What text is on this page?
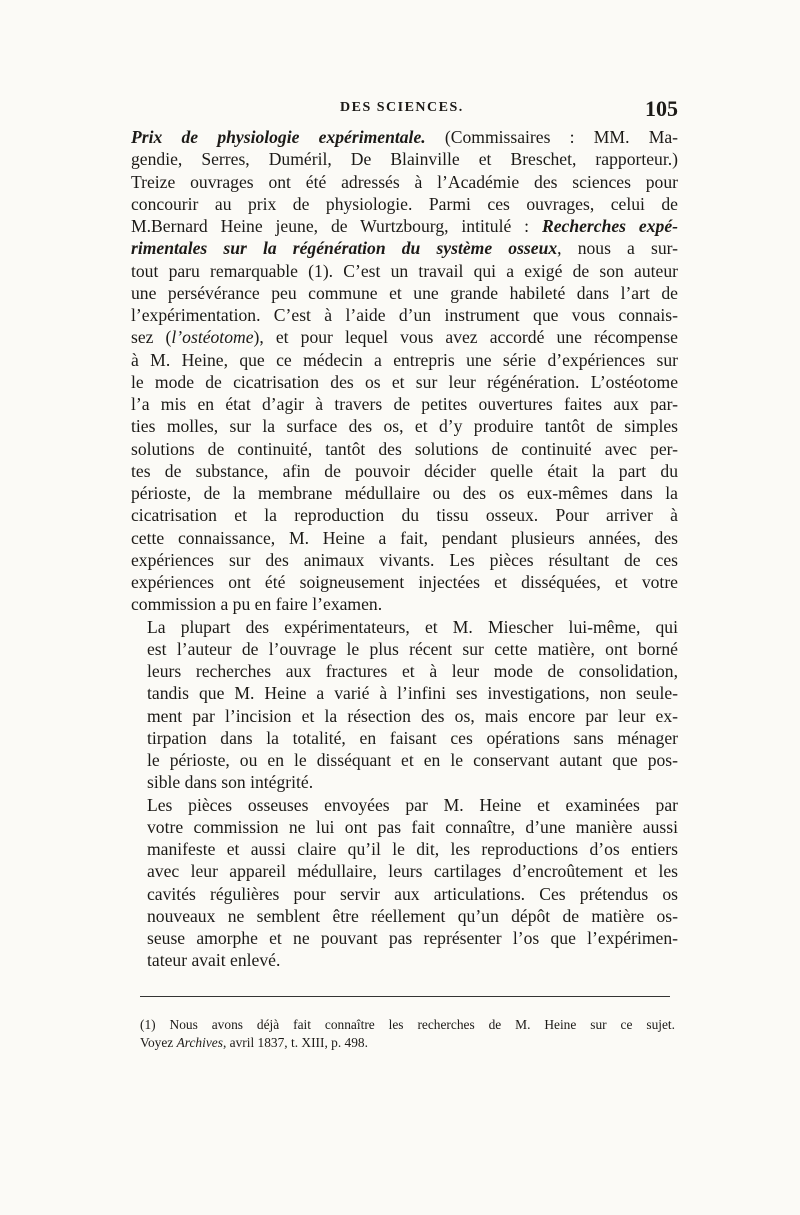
DES SCIENCES.	105

Prix de physiologie expérimentale. (Commissaires : MM. Ma-
gendie, Serres, Duméril, De Blainville et Breschet, rapporteur.)
Treize ouvrages ont été adressés à l’Académie des sciences pour
concourir au prix de physiologie. Parmi ces ouvrages, celui de
M.Bernard Heine jeune, de Wurtzbourg, intitulé : Recherches expé-
rimentales sur la régénération du système osseux, nous a sur-
tout paru remarquable (1). C’est un travail qui a exigé de son auteur
une persévérance peu commune et une grande habileté dans l’art de
l’expérimentation. C’est à l’aide d’un instrument que vous connais-
sez (l’ostéotome), et pour lequel vous avez accordé une récompense
à M. Heine, que ce médecin a entrepris une série d’expériences sur
le mode de cicatrisation des os et sur leur régénération. L’ostéotome
l’a mis en état d’agir à travers de petites ouvertures faites aux par-
ties molles, sur la surface des os, et d’y produire tantôt de simples
solutions de continuité, tantôt des solutions de continuité avec per-
tes de substance, afin de pouvoir décider quelle était la part du
périoste, de la membrane médullaire ou des os eux-mêmes dans la
cicatrisation et la reproduction du tissu osseux. Pour arriver à
cette connaissance, M. Heine a fait, pendant plusieurs années, des
expériences sur des animaux vivants. Les pièces résultant de ces
expériences ont été soigneusement injectées et disséquées, et votre
commission a pu en faire l’examen.

La plupart des expérimentateurs, et M. Miescher lui-même, qui
est l’auteur de l’ouvrage le plus récent sur cette matière, ont borné
leurs recherches aux fractures et à leur mode de consolidation,
tandis que M. Heine a varié à l’infini ses investigations, non seule-
ment par l’incision et la résection des os, mais encore par leur ex-
tirpation dans la totalité, en faisant ces opérations sans ménager
le périoste, ou en le disséquant et en le conservant autant que pos-
sible dans son intégrité.

Les pièces osseuses envoyées par M. Heine et examinées par
votre commission ne lui ont pas fait connaître, d’une manière aussi
manifeste et aussi claire qu’il le dit, les reproductions d’os entiers
avec leur appareil médullaire, leurs cartilages d’encroûtement et les
cavités régulières pour servir aux articulations. Ces prétendus os
nouveaux ne semblent être réellement qu’un dépôt de matière os-
seuse amorphe et ne pouvant pas représenter l’os que l’expérimen-
tateur avait enlevé.

(1) Nous avons déjà fait connaître les recherches de M. Heine sur ce sujet.
Voyez Archives, avril 1837, t. XIII, p. 498.
